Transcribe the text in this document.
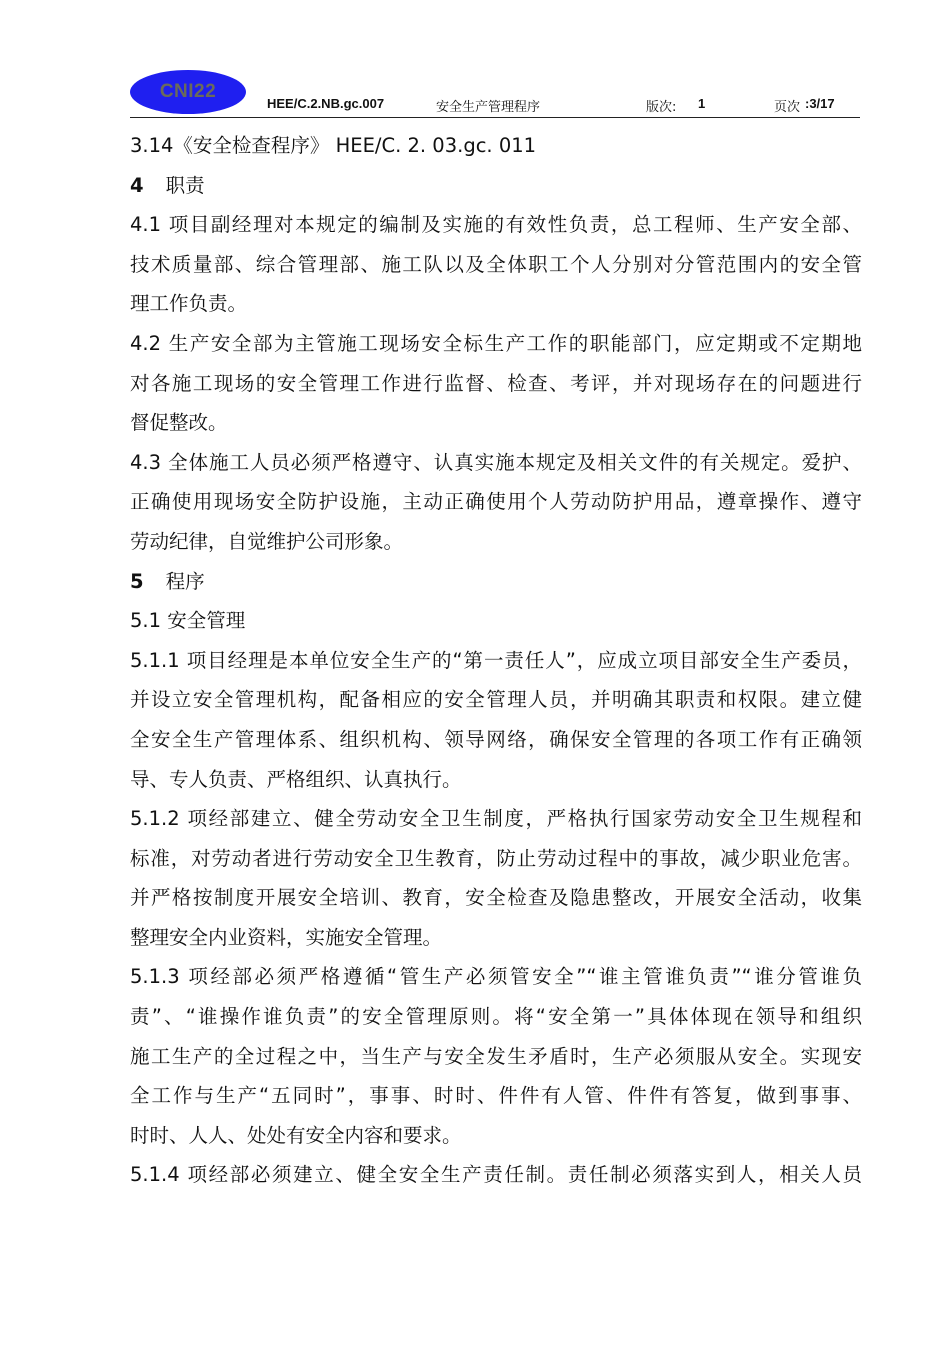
CNI22
HEE/C.2.NB.gc.007	安全生产管理程序	版次: 1	页次 :3/17
3.14《安全检查程序》 HEE/C. 2. 03.gc. 011
4 职责
4.1 项目副经理对本规定的编制及实施的有效性负责，总工程师、生产安全部、
技术质量部、综合管理部、施工队以及全体职工个人分别对分管范围内的安全管
理工作负责。
4.2 生产安全部为主管施工现场安全标生产工作的职能部门，应定期或不定期地
对各施工现场的安全管理工作进行监督、检查、考评，并对现场存在的问题进行
督促整改。
4.3 全体施工人员必须严格遵守、认真实施本规定及相关文件的有关规定。爱护、
正确使用现场安全防护设施，主动正确使用个人劳动防护用品，遵章操作、遵守
劳动纪律，自觉维护公司形象。
5 程序
5.1 安全管理
5.1.1 项目经理是本单位安全生产的“第一责任人”，应成立项目部安全生产委员，
并设立安全管理机构，配备相应的安全管理人员，并明确其职责和权限。建立健
全安全生产管理体系、组织机构、领导网络，确保安全管理的各项工作有正确领
导、专人负责、严格组织、认真执行。
5.1.2 项经部建立、健全劳动安全卫生制度，严格执行国家劳动安全卫生规程和
标准，对劳动者进行劳动安全卫生教育，防止劳动过程中的事故，减少职业危害。
并严格按制度开展安全培训、教育，安全检查及隐患整改，开展安全活动，收集
整理安全内业资料，实施安全管理。
5.1.3 项经部必须严格遵循“管生产必须管安全”“谁主管谁负责”“谁分管谁负
责”、“谁操作谁负责”的安全管理原则。将“安全第一”具体体现在领导和组织
施工生产的全过程之中，当生产与安全发生矛盾时，生产必须服从安全。实现安
全工作与生产“五同时”，事事、时时、件件有人管、件件有答复，做到事事、
时时、人人、处处有安全内容和要求。
5.1.4 项经部必须建立、健全安全生产责任制。责任制必须落实到人，相关人员
